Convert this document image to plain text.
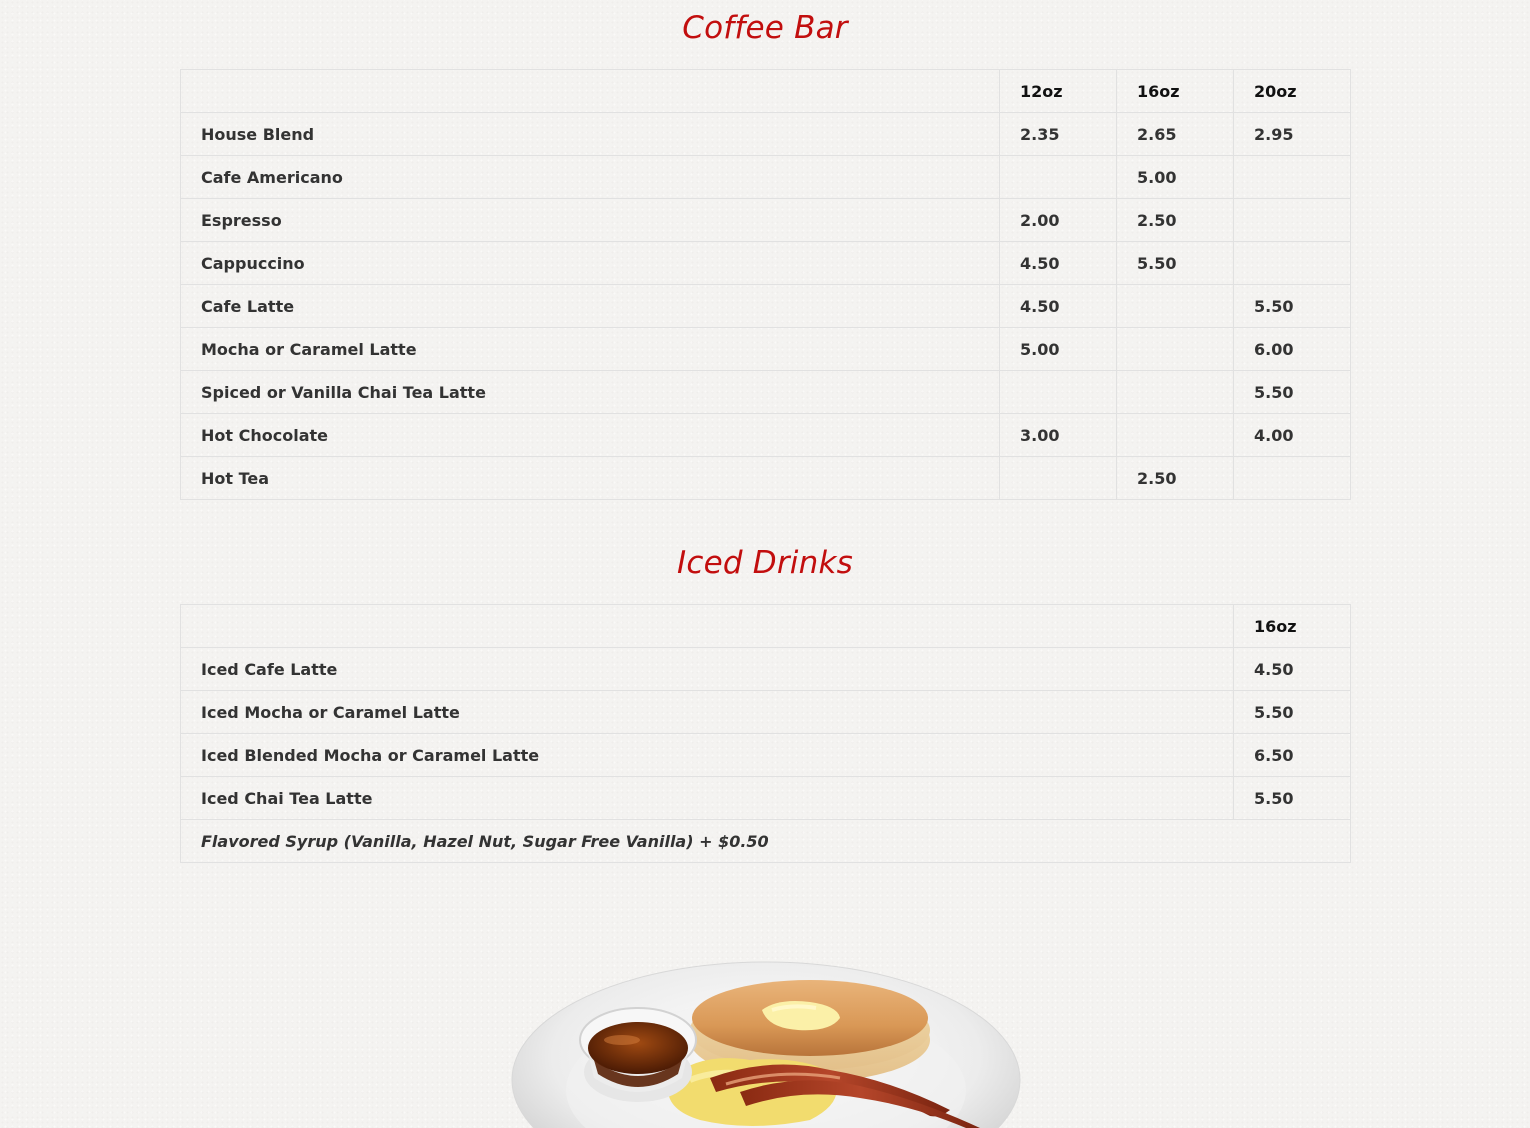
Coffee Bar
	12oz	16oz	20oz
House Blend	2.35	2.65	2.95
Cafe Americano		5.00	
Espresso	2.00	2.50	
Cappuccino	4.50	5.50	
Cafe Latte	4.50		5.50
Mocha or Caramel Latte	5.00		6.00
Spiced or Vanilla Chai Tea Latte			5.50
Hot Chocolate	3.00		4.00
Hot Tea		2.50	
Iced Drinks
	16oz
Iced Cafe Latte	4.50
Iced Mocha or Caramel Latte	5.50
Iced Blended Mocha or Caramel Latte	6.50
Iced Chai Tea Latte	5.50
Flavored Syrup (Vanilla, Hazel Nut, Sugar Free Vanilla) + $0.50	
